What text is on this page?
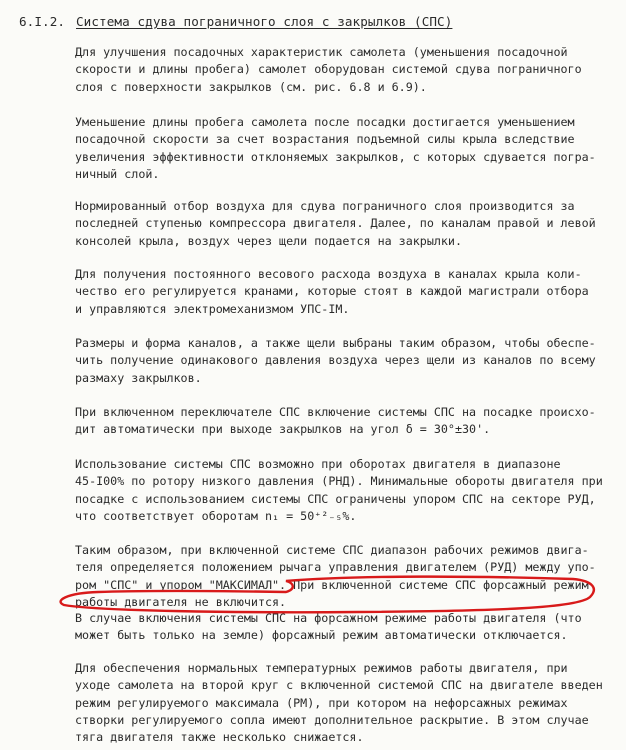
6.I.2. Система сдува пограничного слоя с закрылков (СПС)
Для улучшения посадочных характеристик самолета (уменьшения посадочной
скорости и длины пробега) самолет оборудован системой сдува пограничного
слоя с поверхности закрылков (см. рис. 6.8 и 6.9).
Уменьшение длины пробега самолета после посадки достигается уменьшением
посадочной скорости за счет возрастания подъемной силы крыла вследствие
увеличения эффективности отклоняемых закрылков, с которых сдувается погра-
ничный слой.
Нормированный отбор воздуха для сдува пограничного слоя производится за
последней ступенью компрессора двигателя. Далее, по каналам правой и левой
консолей крыла, воздух через щели подается на закрылки.
Для получения постоянного весового расхода воздуха в каналах крыла коли-
чество его регулируется кранами, которые стоят в каждой магистрали отбора
и управляются электромеханизмом УПС-IМ.
Размеры и форма каналов, а также щели выбраны таким образом, чтобы обеспе-
чить получение одинакового давления воздуха через щели из каналов по всему
размаху закрылков.
При включенном переключателе СПС включение системы СПС на посадке происхо-
дит автоматически при выходе закрылков на угол δ = 30°±30'.
Использование системы СПС возможно при оборотах двигателя в диапазоне
45-I00% по ротору низкого давления (РНД). Минимальные обороты двигателя при
посадке с использованием системы СПС ограничены упором СПС на секторе РУД,
что соответствует оборотам n₁ = 50⁺²₋₅%.
Таким образом, при включенной системе СПС диапазон рабочих режимов двига-
теля определяется положением рычага управления двигателем (РУД) между упо-
ром "СПС" и упором "МАКСИМАЛ". При включенной системе СПС форсажный режим
работы двигателя не включится.
В случае включения системы СПС на форсажном режиме работы двигателя (что
может быть только на земле) форсажный режим автоматически отключается.
Для обеспечения нормальных температурных режимов работы двигателя, при
уходе самолета на второй круг с включенной системой СПС на двигателе введен
режим регулируемого максимала (РМ), при котором на нефорсажных режимах
створки регулируемого сопла имеют дополнительное раскрытие. В этом случае
тяга двигателя также несколько снижается.
